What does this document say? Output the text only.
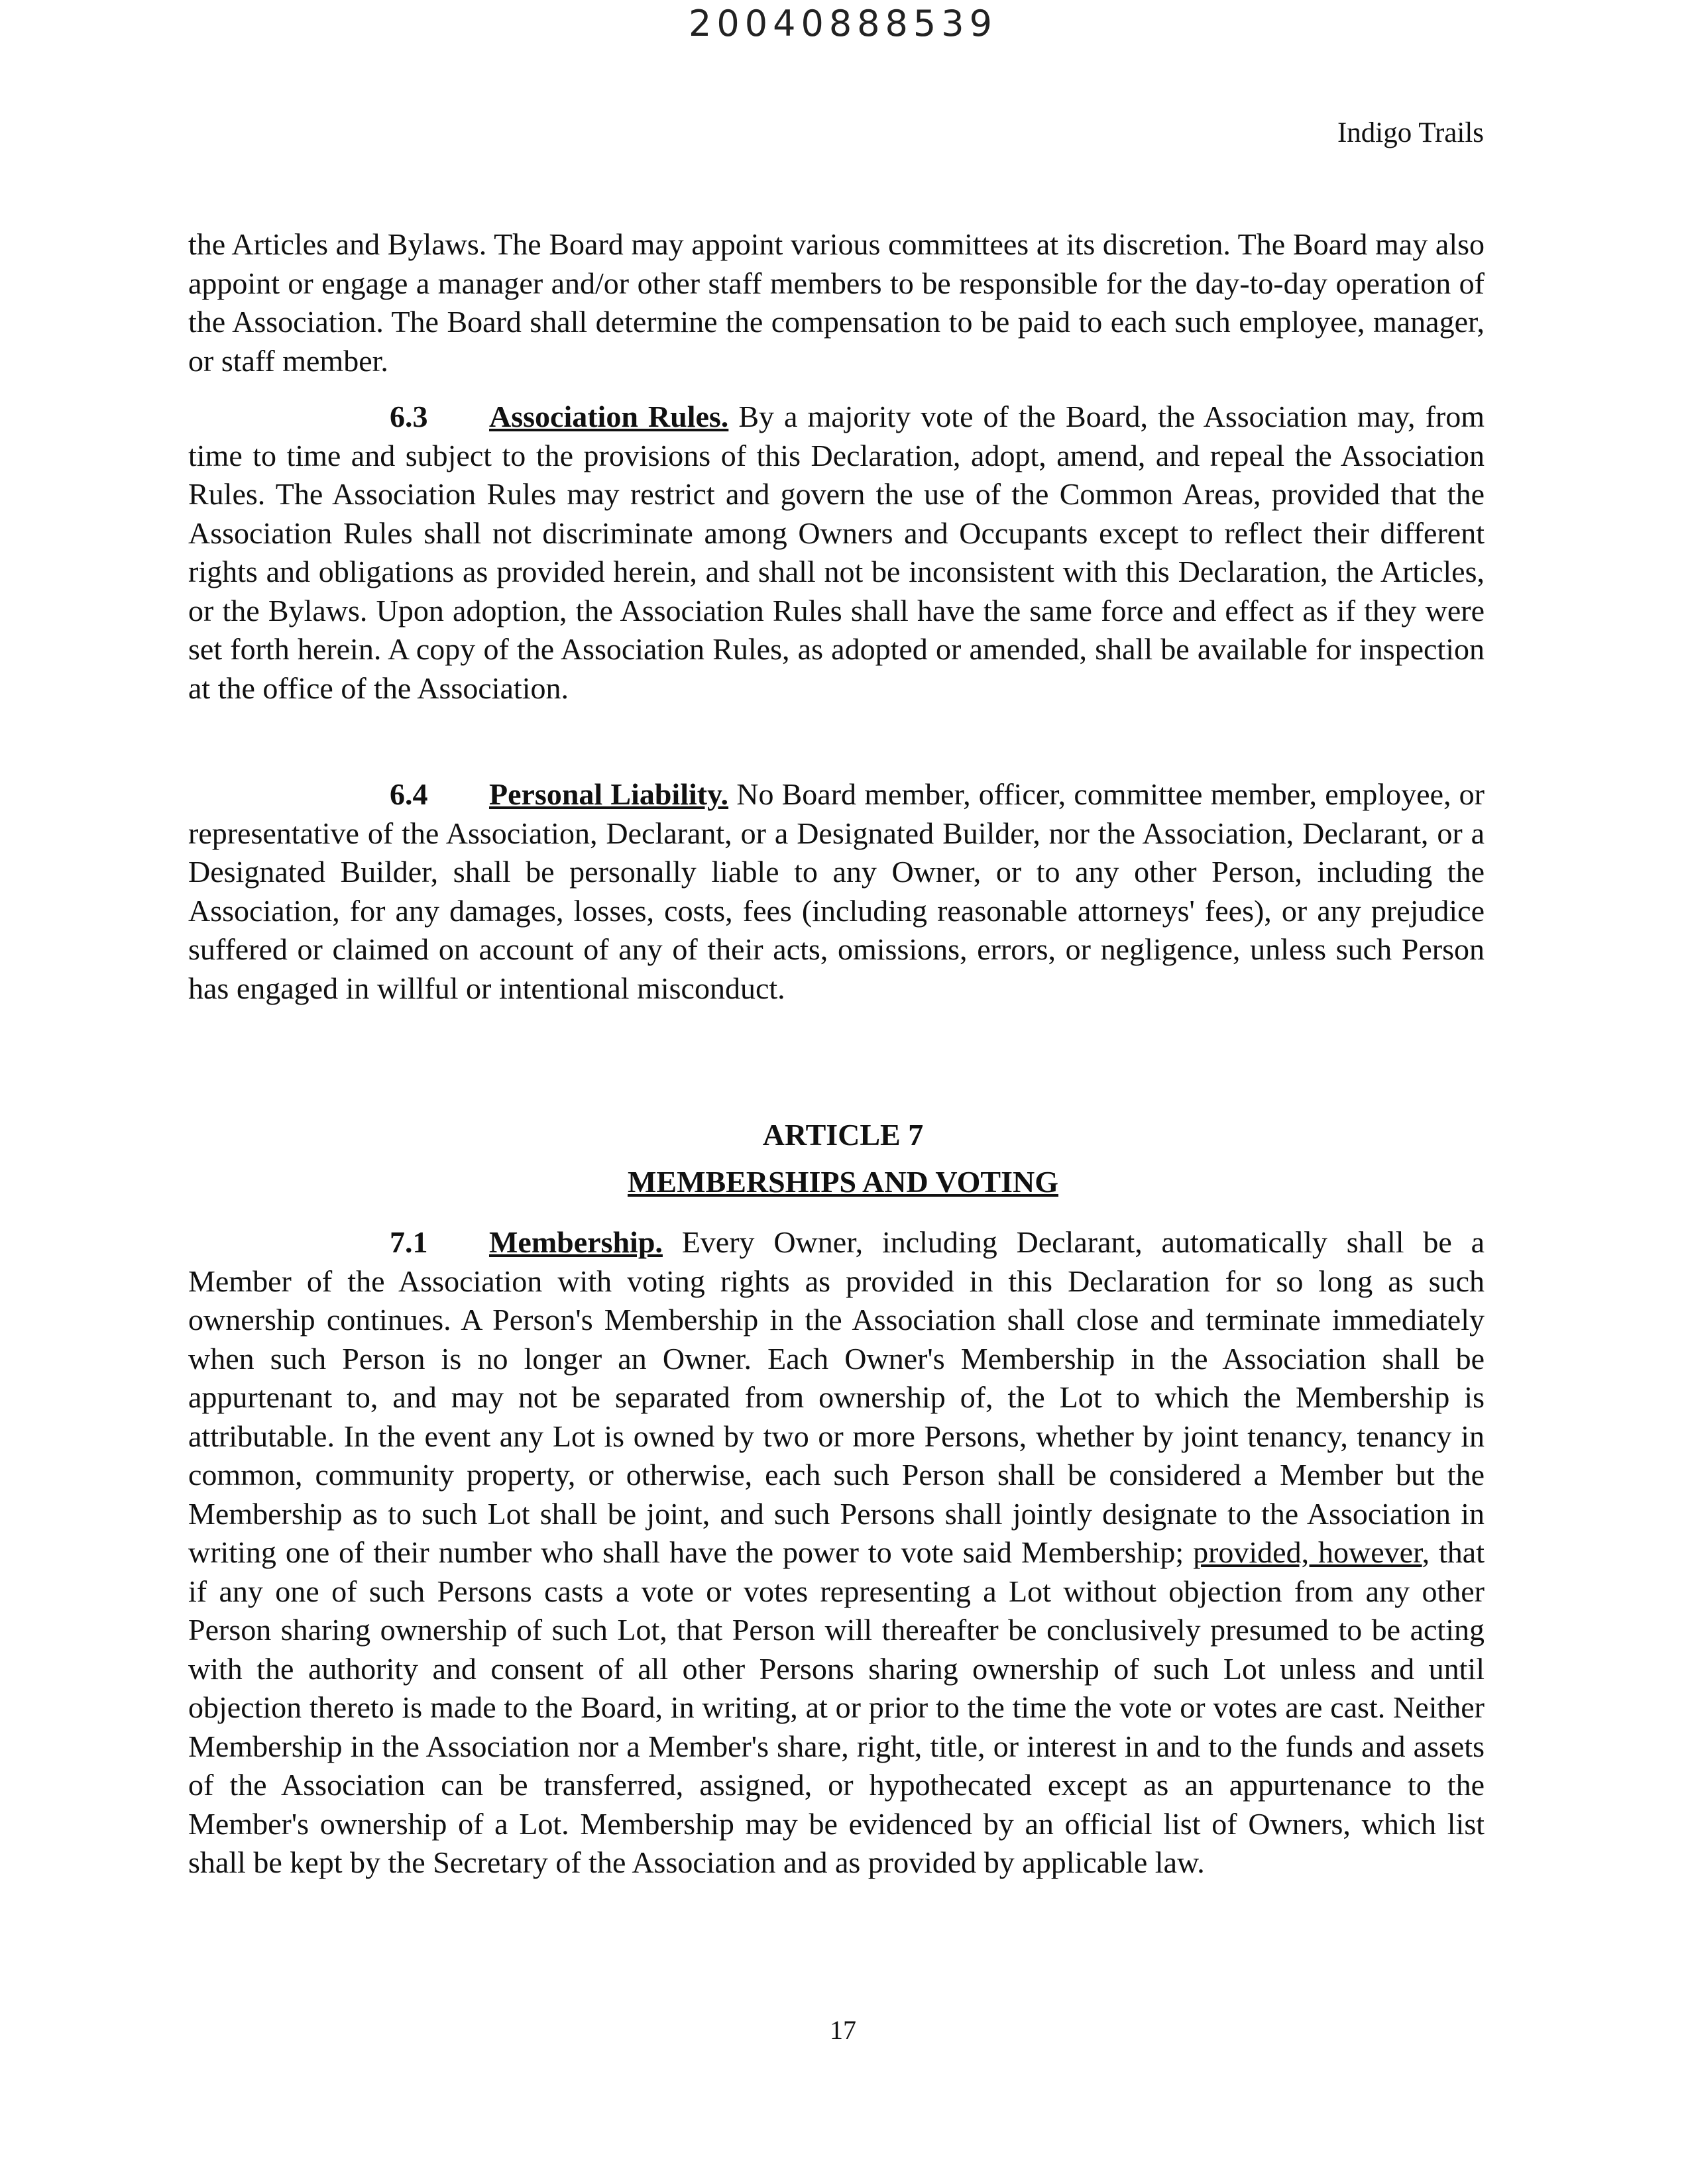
20040888539
Indigo Trails

the Articles and Bylaws. The Board may appoint various committees at its discretion. The Board may also appoint or engage a manager and/or other staff members to be responsible for the day-to-day operation of the Association. The Board shall determine the compensation to be paid to each such employee, manager, or staff member.

6.3 Association Rules. By a majority vote of the Board, the Association may, from time to time and subject to the provisions of this Declaration, adopt, amend, and repeal the Association Rules. The Association Rules may restrict and govern the use of the Common Areas, provided that the Association Rules shall not discriminate among Owners and Occupants except to reflect their different rights and obligations as provided herein, and shall not be inconsistent with this Declaration, the Articles, or the Bylaws. Upon adoption, the Association Rules shall have the same force and effect as if they were set forth herein. A copy of the Association Rules, as adopted or amended, shall be available for inspection at the office of the Association.

6.4 Personal Liability. No Board member, officer, committee member, employee, or representative of the Association, Declarant, or a Designated Builder, nor the Association, Declarant, or a Designated Builder, shall be personally liable to any Owner, or to any other Person, including the Association, for any damages, losses, costs, fees (including reasonable attorneys' fees), or any prejudice suffered or claimed on account of any of their acts, omissions, errors, or negligence, unless such Person has engaged in willful or intentional misconduct.

ARTICLE 7
MEMBERSHIPS AND VOTING

7.1 Membership. Every Owner, including Declarant, automatically shall be a Member of the Association with voting rights as provided in this Declaration for so long as such ownership continues. A Person's Membership in the Association shall close and terminate immediately when such Person is no longer an Owner. Each Owner's Membership in the Association shall be appurtenant to, and may not be separated from ownership of, the Lot to which the Membership is attributable. In the event any Lot is owned by two or more Persons, whether by joint tenancy, tenancy in common, community property, or otherwise, each such Person shall be considered a Member but the Membership as to such Lot shall be joint, and such Persons shall jointly designate to the Association in writing one of their number who shall have the power to vote said Membership; provided, however, that if any one of such Persons casts a vote or votes representing a Lot without objection from any other Person sharing ownership of such Lot, that Person will thereafter be conclusively presumed to be acting with the authority and consent of all other Persons sharing ownership of such Lot unless and until objection thereto is made to the Board, in writing, at or prior to the time the vote or votes are cast. Neither Membership in the Association nor a Member's share, right, title, or interest in and to the funds and assets of the Association can be transferred, assigned, or hypothecated except as an appurtenance to the Member's ownership of a Lot. Membership may be evidenced by an official list of Owners, which list shall be kept by the Secretary of the Association and as provided by applicable law.

17
